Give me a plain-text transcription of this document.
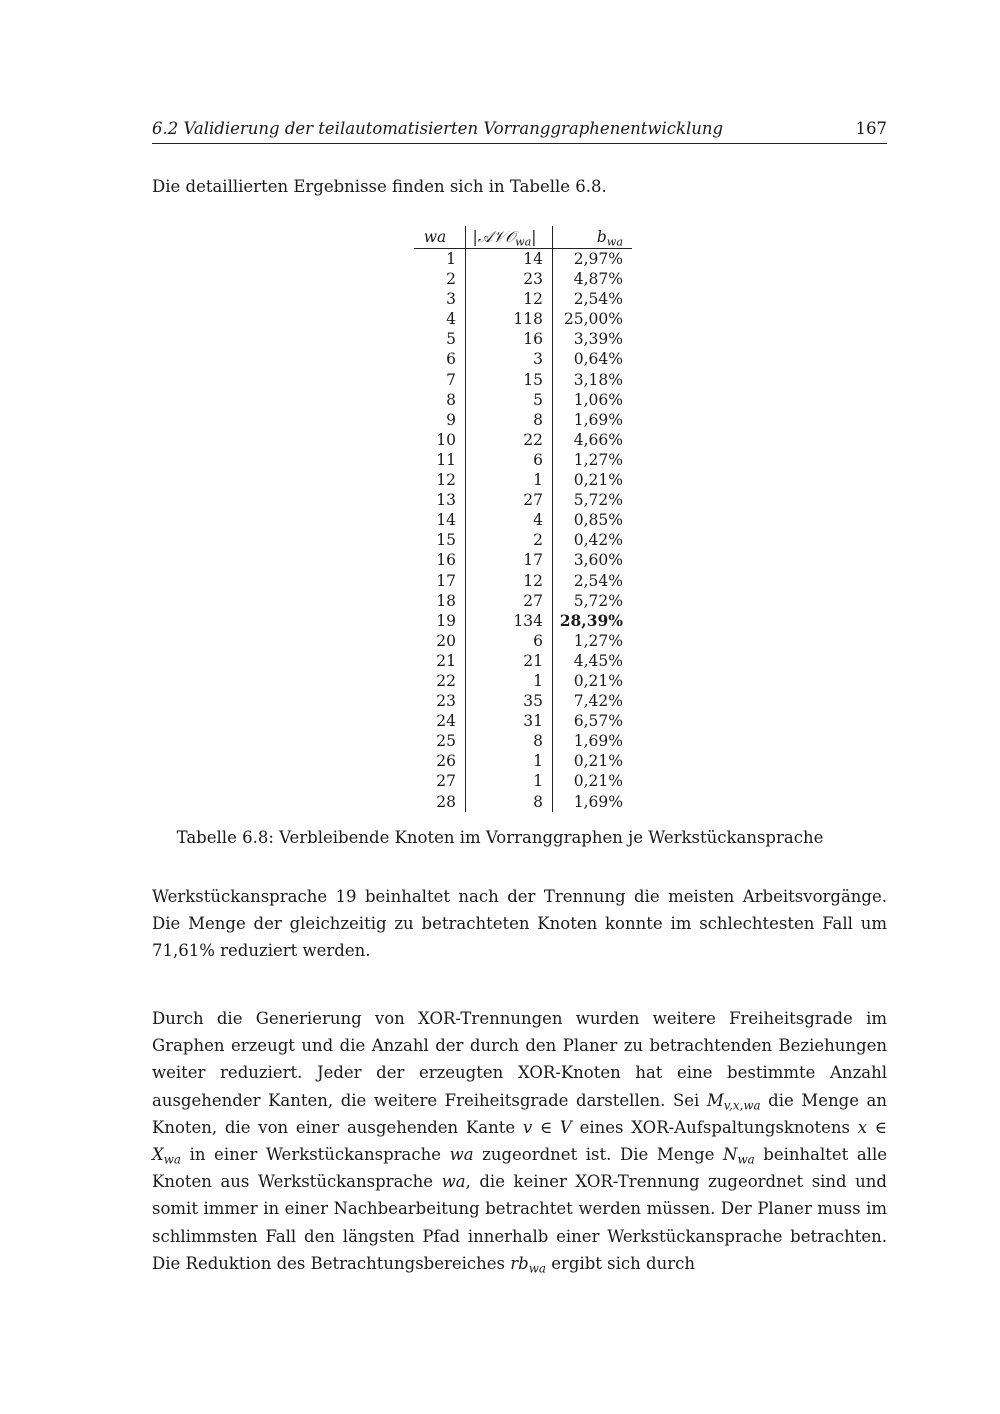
6.2 Validierung der teilautomatisierten Vorranggraphenentwicklung	167
Die detaillierten Ergebnisse finden sich in Tabelle 6.8.
wa	|𝒜𝒱𝒪$_{wa}$|	$b_{wa}$
1	14	2,97%
2	23	4,87%
3	12	2,54%
4	118	25,00%
5	16	3,39%
6	3	0,64%
7	15	3,18%
8	5	1,06%
9	8	1,69%
10	22	4,66%
11	6	1,27%
12	1	0,21%
13	27	5,72%
14	4	0,85%
15	2	0,42%
16	17	3,60%
17	12	2,54%
18	27	5,72%
19	134	28,39%
20	6	1,27%
21	21	4,45%
22	1	0,21%
23	35	7,42%
24	31	6,57%
25	8	1,69%
26	1	0,21%
27	1	0,21%
28	8	1,69%
Tabelle 6.8: Verbleibende Knoten im Vorranggraphen je Werkstückansprache
Werkstückansprache 19 beinhaltet nach der Trennung die meisten Arbeitsvorgänge. Die Menge der gleichzeitig zu betrachteten Knoten konnte im schlechtesten Fall um 71,61% reduziert werden.
Durch die Generierung von XOR-Trennungen wurden weitere Freiheitsgrade im Graphen erzeugt und die Anzahl der durch den Planer zu betrachtenden Beziehungen weiter reduziert. Jeder der erzeugten XOR-Knoten hat eine bestimmte Anzahl ausgehender Kanten, die weitere Freiheitsgrade darstellen. Sei $M_{v,x,wa}$ die Menge an Knoten, die von einer ausgehenden Kante v ∈ V eines XOR-Aufspaltungsknotens x ∈ $X_{wa}$ in einer Werkstückansprache wa zugeordnet ist. Die Menge $N_{wa}$ beinhaltet alle Knoten aus Werkstückansprache wa, die keiner XOR-Trennung zugeordnet sind und somit immer in einer Nachbearbeitung betrachtet werden müssen. Der Planer muss im schlimmsten Fall den längsten Pfad innerhalb einer Werkstückansprache betrachten. Die Reduktion des Betrachtungsbereiches $rb_{wa}$ ergibt sich durch
